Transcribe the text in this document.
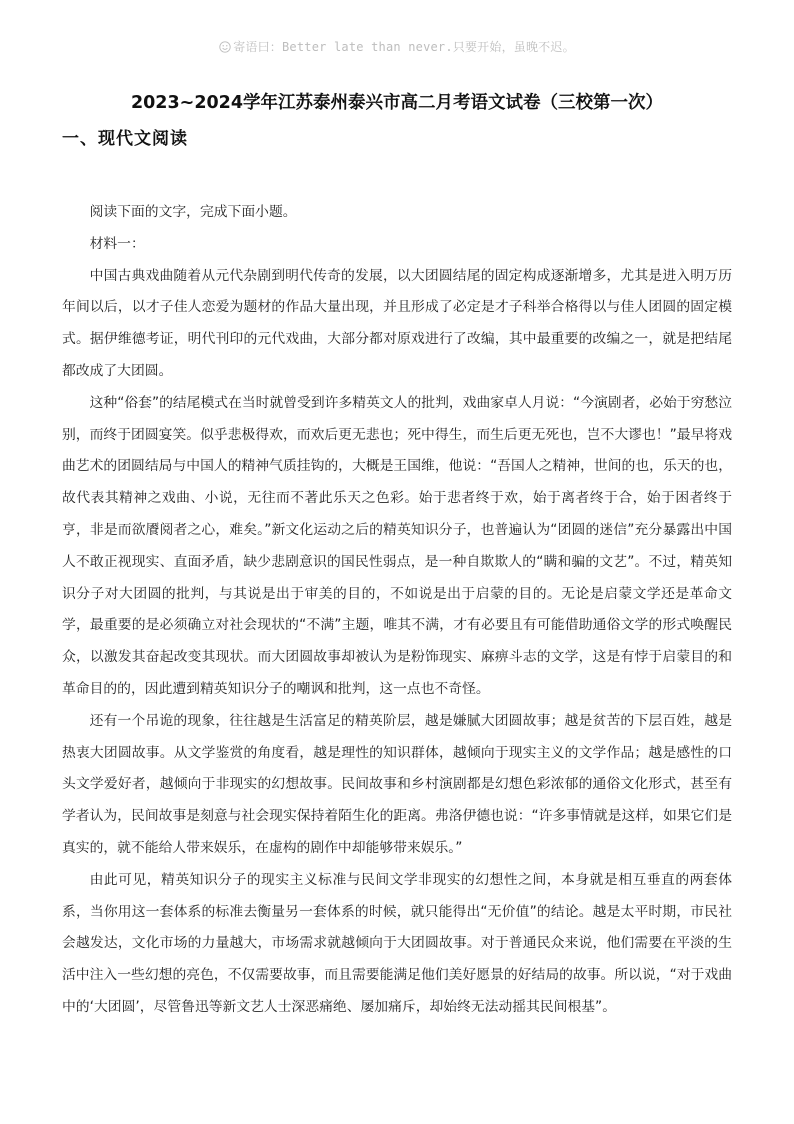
寄语曰：Better late than never.只要开始，虽晚不迟。
2023~2024学年江苏泰州泰兴市高二月考语文试卷（三校第一次）
一、现代文阅读

阅读下面的文字，完成下面小题。

材料一：

中国古典戏曲随着从元代杂剧到明代传奇的发展，以大团圆结尾的固定构成逐渐增多，尤其是进入明万历年间以后，以才子佳人恋爱为题材的作品大量出现，并且形成了必定是才子科举合格得以与佳人团圆的固定模式。据伊维德考证，明代刊印的元代戏曲，大部分都对原戏进行了改编，其中最重要的改编之一，就是把结尾都改成了大团圆。

这种“俗套”的结尾模式在当时就曾受到许多精英文人的批判，戏曲家卓人月说：“今演剧者，必始于穷愁泣别，而终于团圆宴笑。似乎悲极得欢，而欢后更无悲也；死中得生，而生后更无死也，岂不大谬也！”最早将戏曲艺术的团圆结局与中国人的精神气质挂钩的，大概是王国维，他说：“吾国人之精神，世间的也，乐天的也，故代表其精神之戏曲、小说，无往而不著此乐天之色彩。始于悲者终于欢，始于离者终于合，始于困者终于亨，非是而欲餍阅者之心，难矣。”新文化运动之后的精英知识分子，也普遍认为“团圆的迷信”充分暴露出中国人不敢正视现实、直面矛盾，缺少悲剧意识的国民性弱点，是一种自欺欺人的“瞒和骗的文艺”。不过，精英知识分子对大团圆的批判，与其说是出于审美的目的，不如说是出于启蒙的目的。无论是启蒙文学还是革命文学，最重要的是必须确立对社会现状的“不满”主题，唯其不满，才有必要且有可能借助通俗文学的形式唤醒民众，以激发其奋起改变其现状。而大团圆故事却被认为是粉饰现实、麻痹斗志的文学，这是有悖于启蒙目的和革命目的的，因此遭到精英知识分子的嘲讽和批判，这一点也不奇怪。

还有一个吊诡的现象，往往越是生活富足的精英阶层，越是嫌腻大团圆故事；越是贫苦的下层百姓，越是热衷大团圆故事。从文学鉴赏的角度看，越是理性的知识群体，越倾向于现实主义的文学作品；越是感性的口头文学爱好者，越倾向于非现实的幻想故事。民间故事和乡村演剧都是幻想色彩浓郁的通俗文化形式，甚至有学者认为，民间故事是刻意与社会现实保持着陌生化的距离。弗洛伊德也说：“许多事情就是这样，如果它们是真实的，就不能给人带来娱乐，在虚构的剧作中却能够带来娱乐。”

由此可见，精英知识分子的现实主义标准与民间文学非现实的幻想性之间，本身就是相互垂直的两套体系，当你用这一套体系的标准去衡量另一套体系的时候，就只能得出“无价值”的结论。越是太平时期，市民社会越发达，文化市场的力量越大，市场需求就越倾向于大团圆故事。对于普通民众来说，他们需要在平淡的生活中注入一些幻想的亮色，不仅需要故事，而且需要能满足他们美好愿景的好结局的故事。所以说，“对于戏曲中的‘大团圆’，尽管鲁迅等新文艺人士深恶痛绝、屡加痛斥，却始终无法动摇其民间根基”。
